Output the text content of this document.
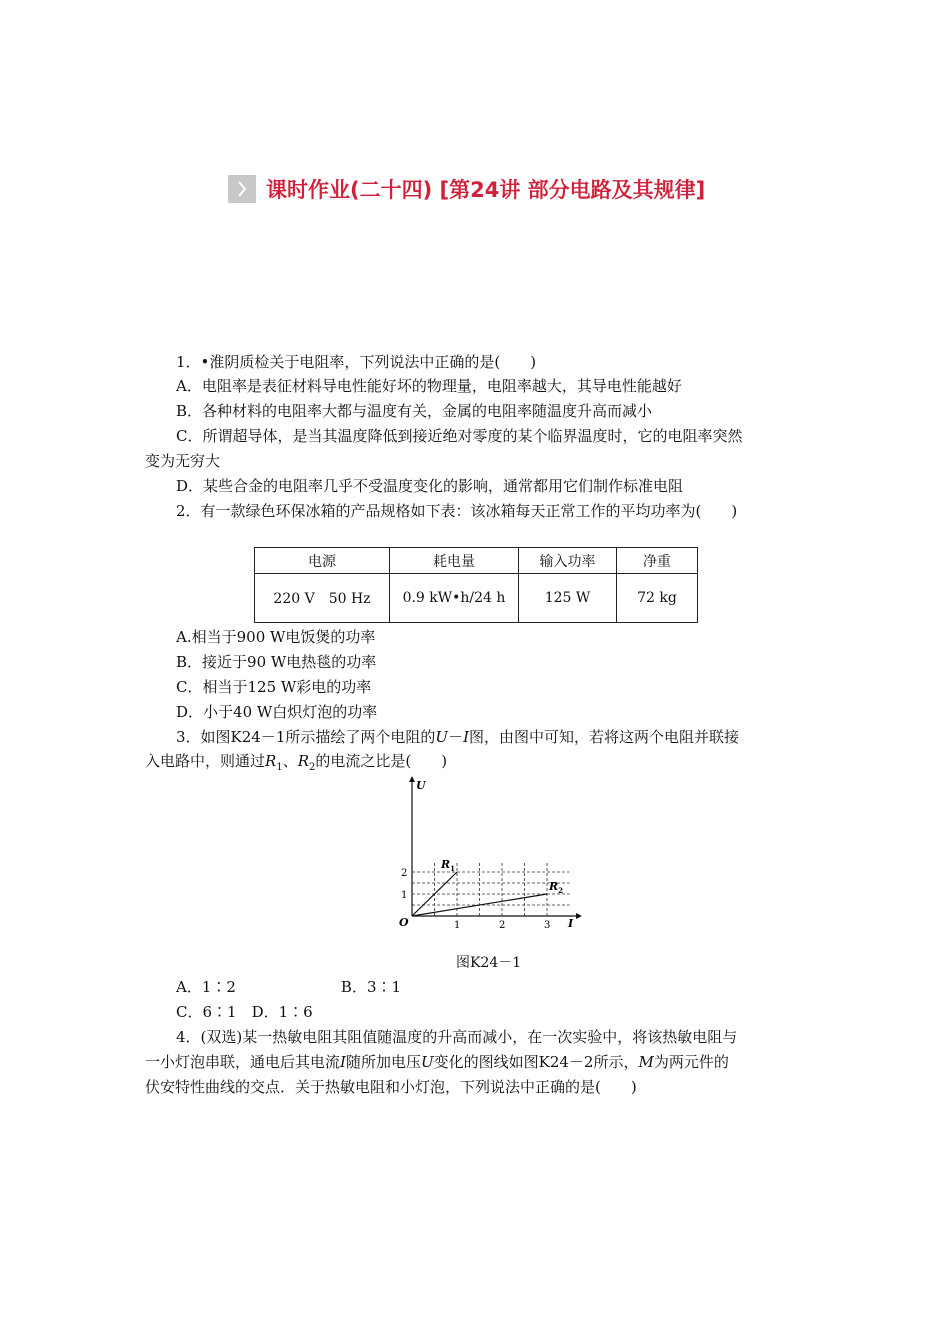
课时作业(二十四) [第24讲 部分电路及其规律]
1．•淮阴质检关于电阻率，下列说法中正确的是(　　)
A．电阻率是表征材料导电性能好坏的物理量，电阻率越大，其导电性能越好
B．各种材料的电阻率大都与温度有关，金属的电阻率随温度升高而减小
C．所谓超导体，是当其温度降低到接近绝对零度的某个临界温度时，它的电阻率突然
变为无穷大
D．某些合金的电阻率几乎不受温度变化的影响，通常都用它们制作标准电阻
2．有一款绿色环保冰箱的产品规格如下表：该冰箱每天正常工作的平均功率为(　　)
电源	耗电量	输入功率	净重
220 V　50 Hz	0.9 kW•h/24 h	125 W	72 kg
A.相当于900 W电饭煲的功率
B．接近于90 W电热毯的功率
C．相当于125 W彩电的功率
D．小于40 W白炽灯泡的功率
3．如图K24－1所示描绘了两个电阻的U－I图，由图中可知，若将这两个电阻并联接
入电路中，则通过$R_1$、$R_2$的电流之比是(　　)
$R_1$
$R_2$
U
I
O	1	2	3
1
2
图K24－1
A．1∶2　　　　　　　B．3∶1
C．6∶1　D．1∶6
4．(双选)某一热敏电阻其阻值随温度的升高而减小，在一次实验中，将该热敏电阻与
一小灯泡串联，通电后其电流I随所加电压U变化的图线如图K24－2所示，M为两元件的
伏安特性曲线的交点．关于热敏电阻和小灯泡，下列说法中正确的是(　　)
